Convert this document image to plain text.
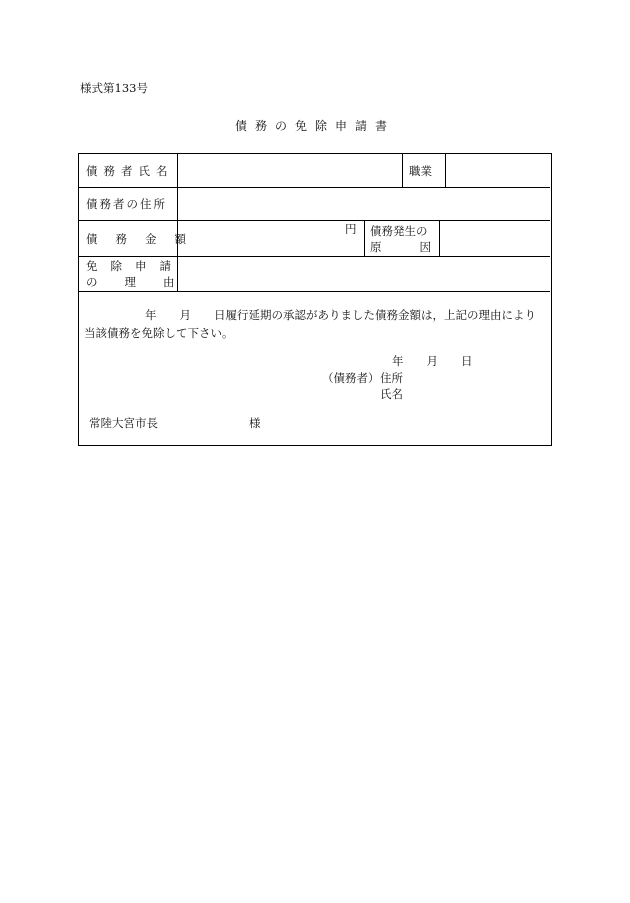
様式第133号
債務の免除申請書
債務者氏名	職業
債務者の住所
債務金額
円 債務発生の
原因
免除申請
の理由
年　　月　　日履行延期の承認がありました債務金額は，上記の理由により
当該債務を免除して下さい。
年　　月　　日
（債務者） 住所
氏名
常陸大宮市長	様
